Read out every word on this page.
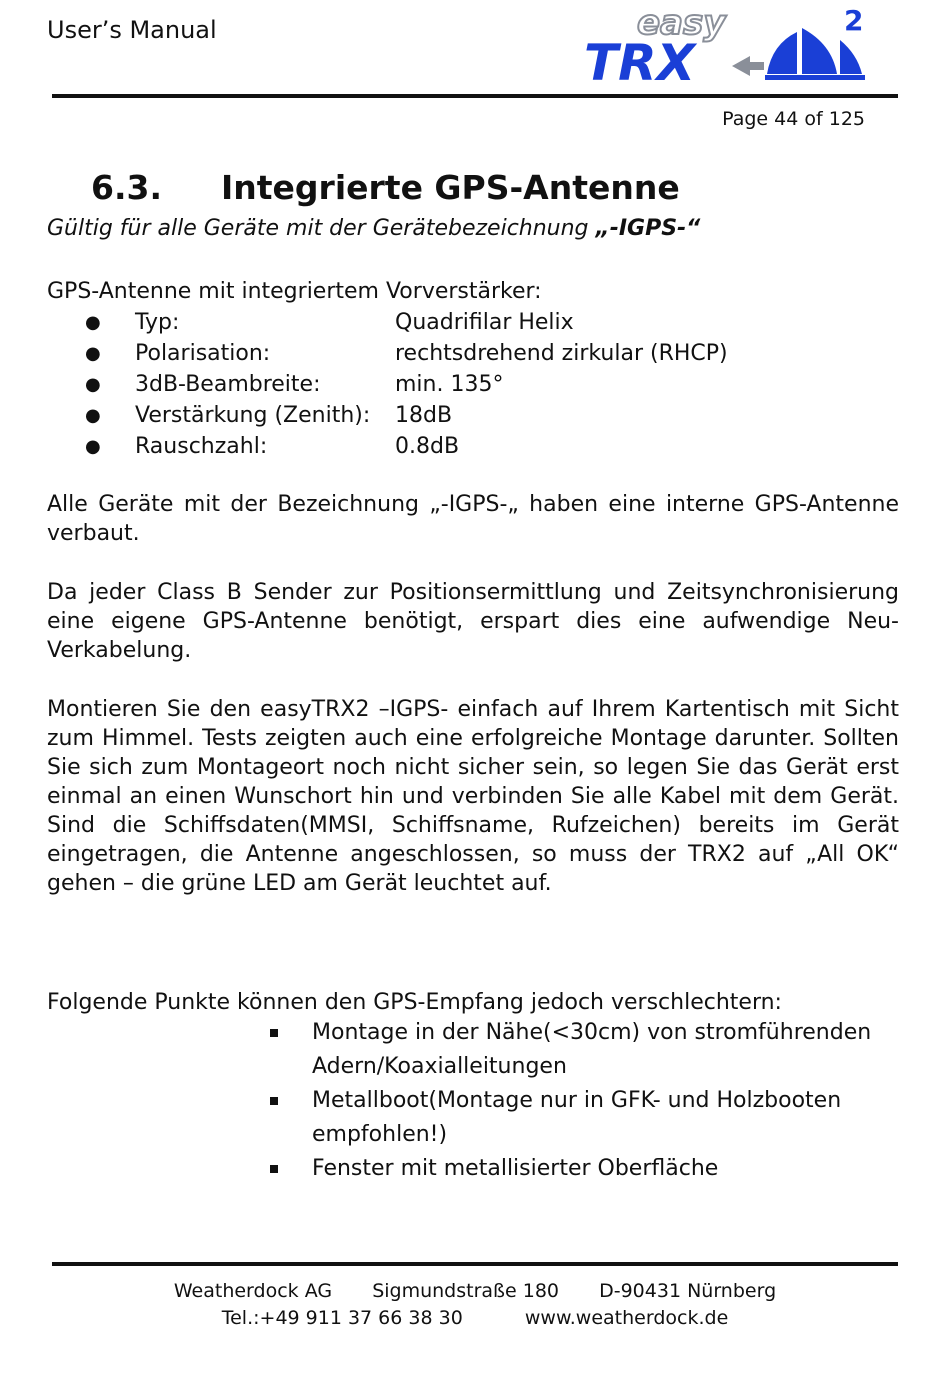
User’s Manual	easy	2
TRX
Page 44 of 125
6.3.	Integrierte GPS-Antenne
Gültig für alle Geräte mit der Gerätebezeichnung „-IGPS-“
GPS-Antenne mit integriertem Vorverstärker:
●	Typ:	Quadrifilar Helix
●	Polarisation:	rechtsdrehend zirkular (RHCP)
●	3dB-Beambreite:	min. 135°
●	Verstärkung (Zenith):	18dB
●	Rauschzahl:	0.8dB
Alle Geräte mit der Bezeichnung „-IGPS-„ haben eine interne GPS-Antenne verbaut.
Da jeder Class B Sender zur Positionsermittlung und Zeitsynchronisierung eine eigene GPS-Antenne benötigt, erspart dies eine aufwendige Neu-Verkabelung.
Montieren Sie den easyTRX2 –IGPS- einfach auf Ihrem Kartentisch mit Sicht zum Himmel. Tests zeigten auch eine erfolgreiche Montage darunter. Sollten Sie sich zum Montageort noch nicht sicher sein, so legen Sie das Gerät erst einmal an einen Wunschort hin und verbinden Sie alle Kabel mit dem Gerät. Sind die Schiffsdaten(MMSI, Schiffsname, Rufzeichen) bereits im Gerät eingetragen, die Antenne angeschlossen, so muss der TRX2 auf „All OK“ gehen – die grüne LED am Gerät leuchtet auf.
Folgende Punkte können den GPS-Empfang jedoch verschlechtern:
Montage in der Nähe(<30cm) von stromführenden Adern/Koaxialleitungen
Metallboot(Montage nur in GFK- und Holzbooten empfohlen!)
Fenster mit metallisierter Oberfläche
Weatherdock AG Sigmundstraße 180 D-90431 Nürnberg
Tel.:+49 911 37 66 38 30	www.weatherdock.de
